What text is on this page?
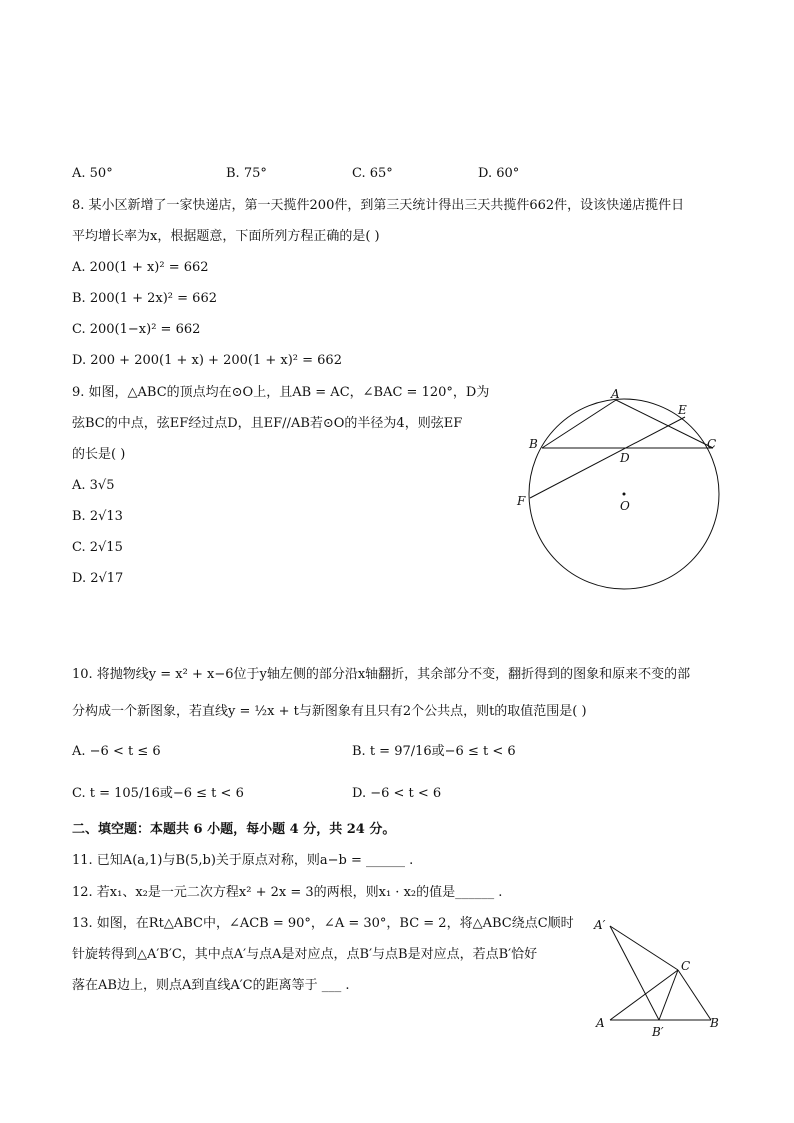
A. 50°	B. 75°	C. 65°	D. 60°
8. 某小区新增了一家快递店，第一天揽件200件，到第三天统计得出三天共揽件662件，设该快递店揽件日
平均增长率为x，根据题意，下面所列方程正确的是( )
A. 200(1 + x)² = 662
B. 200(1 + 2x)² = 662
C. 200(1−x)² = 662
D. 200 + 200(1 + x) + 200(1 + x)² = 662
9. 如图，△ABC的顶点均在⊙O上，且AB = AC，∠BAC = 120°，D为
弦BC的中点，弦EF经过点D，且EF//AB若⊙O的半径为4，则弦EF
的长是( )
A. 3√5
B. 2√13
C. 2√15
D. 2√17
A
E
B	C
D
F	O
10. 将抛物线y = x² + x−6位于y轴左侧的部分沿x轴翻折，其余部分不变，翻折得到的图象和原来不变的部
分构成一个新图象，若直线y = ½x + t与新图象有且只有2个公共点，则t的取值范围是( )
A. −6 < t ≤ 6	B. t = 97/16或−6 ≤ t < 6
C. t = 105/16或−6 ≤ t < 6	D. −6 < t < 6
二、填空题：本题共 6 小题，每小题 4 分，共 24 分。
11. 已知A(a,1)与B(5,b)关于原点对称，则a−b = ______ .
12. 若x₁、x₂是一元二次方程x² + 2x = 3的两根，则x₁ · x₂的值是______ .
13. 如图，在Rt△ABC中，∠ACB = 90°，∠A = 30°，BC = 2，将△ABC绕点C顺时
针旋转得到△A′B′C，其中点A′与点A是对应点，点B′与点B是对应点，若点B′恰好
落在AB边上，则点A到直线A′C的距离等于 ___ .
A′
C
A
B′
B
